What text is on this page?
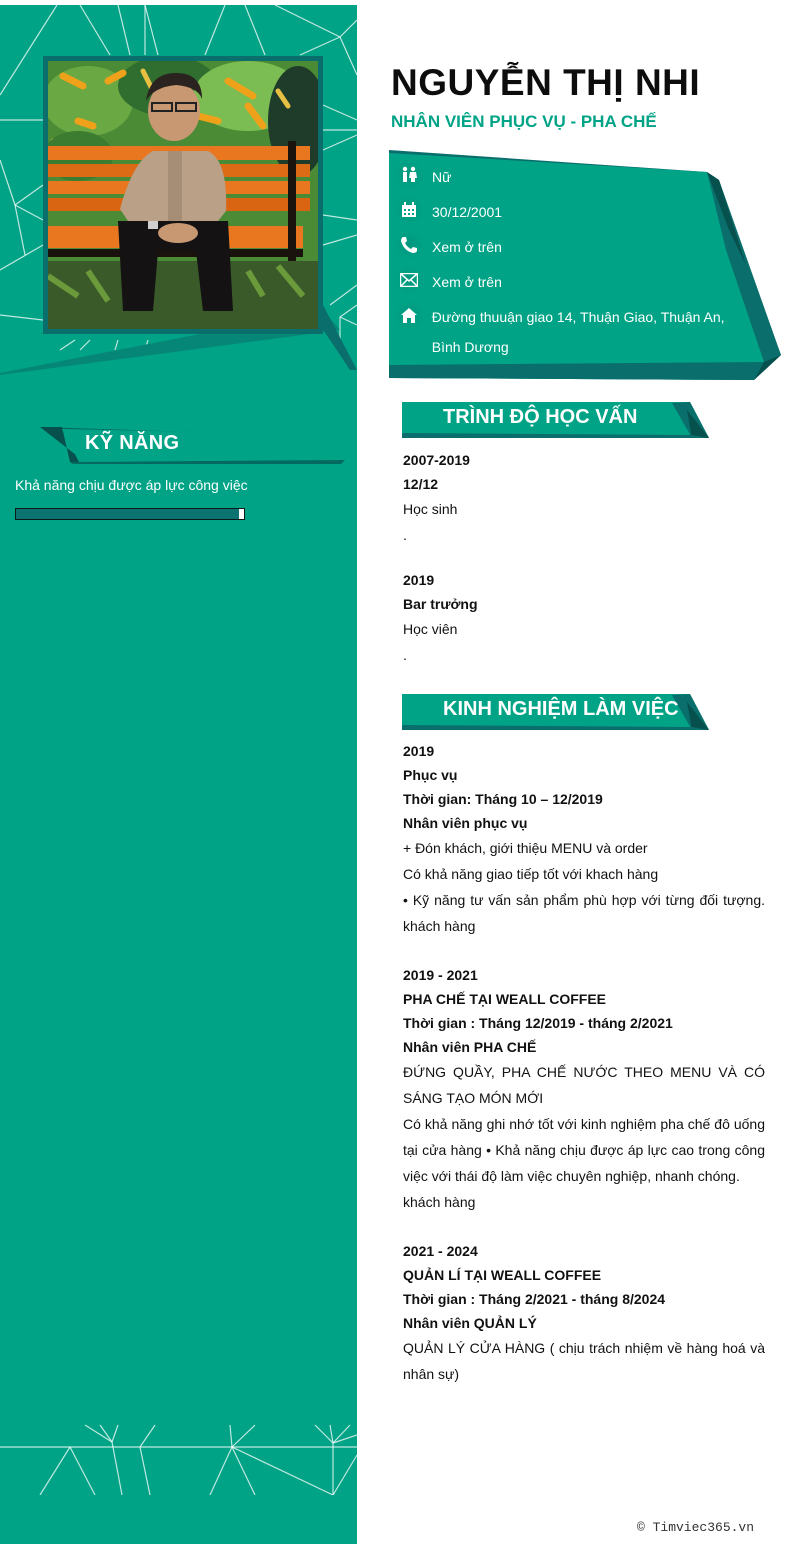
KỸ NĂNG
Khả năng chịu được áp lực công việc
NGUYỄN THỊ NHI
NHÂN VIÊN PHỤC VỤ - PHA CHẾ
Nữ
30/12/2001
Xem ở trên
Xem ở trên
Đường thuuận giao 14, Thuận Giao, Thuận An, Bình Dương
TRÌNH ĐỘ HỌC VẤN
2007-2019
12/12
Học sinh
.
2019
Bar trưởng
Học viên
.
KINH NGHIỆM LÀM VIỆC
2019
Phục vụ
Thời gian: Tháng 10 – 12/2019
Nhân viên phục vụ
+ Đón khách, giới thiệu MENU và order
Có khả năng giao tiếp tốt với khach hàng
• Kỹ năng tư vấn sản phẩm phù hợp với từng đối tượng. khách hàng
2019 - 2021
PHA CHẾ TẠI WEALL COFFEE
Thời gian : Tháng 12/2019 - tháng 2/2021
Nhân viên PHA CHẾ
ĐỨNG QUẦY, PHA CHẾ NƯỚC THEO MENU VÀ CÓ SÁNG TẠO MÓN MỚI
Có khả năng ghi nhớ tốt với kinh nghiệm pha chế đô uống tại cửa hàng • Khả năng chịu được áp lực cao trong công việc với thái độ làm việc chuyên nghiệp, nhanh chóng.
khách hàng
2021 - 2024
QUẢN LÍ TẠI WEALL COFFEE
Thời gian : Tháng 2/2021 - tháng 8/2024
Nhân viên QUẢN LÝ
QUẢN LÝ CỬA HÀNG ( chịu trách nhiệm về hàng hoá và nhân sự)
© Timviec365.vn
